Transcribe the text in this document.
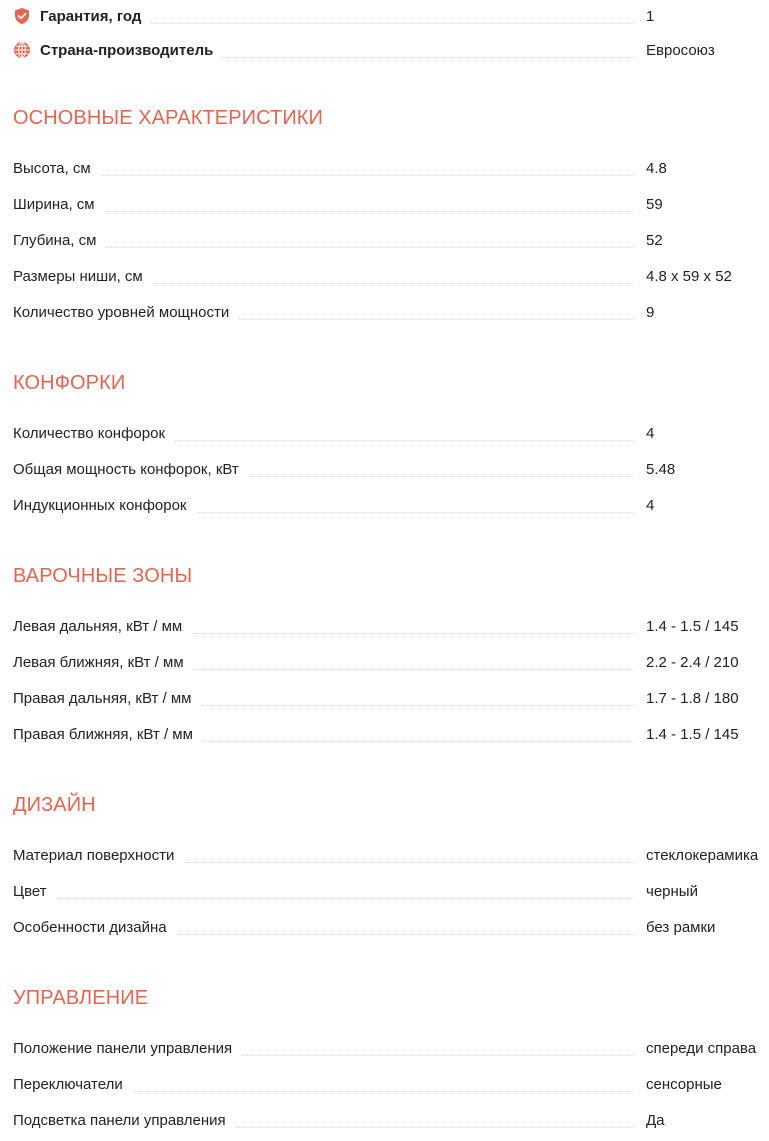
Гарантия, год	1
Страна-производитель	Евросоюз
ОСНОВНЫЕ ХАРАКТЕРИСТИКИ
Высота, см	4.8
Ширина, см	59
Глубина, см	52
Размеры ниши, см	4.8 x 59 x 52
Количество уровней мощности	9
КОНФОРКИ
Количество конфорок	4
Общая мощность конфорок, кВт	5.48
Индукционных конфорок	4
ВАРОЧНЫЕ ЗОНЫ
Левая дальняя, кВт / мм	1.4 - 1.5 / 145
Левая ближняя, кВт / мм	2.2 - 2.4 / 210
Правая дальняя, кВт / мм	1.7 - 1.8 / 180
Правая ближняя, кВт / мм	1.4 - 1.5 / 145
ДИЗАЙН
Материал поверхности	стеклокерамика
Цвет	черный
Особенности дизайна	без рамки
УПРАВЛЕНИЕ
Положение панели управления	спереди справа
Переключатели	сенсорные
Подсветка панели управления	Да
